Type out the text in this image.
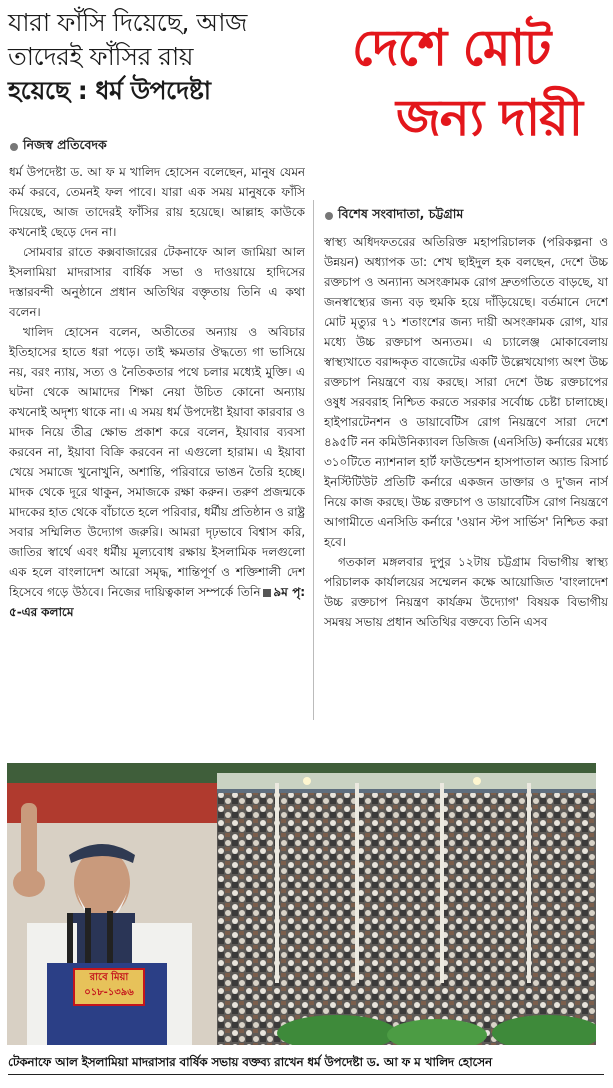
যারা ফাঁসি দিয়েছে, আজ
তাদেরই ফাঁসির রায়
হয়েছে : ধর্ম উপদেষ্টা
নিজস্ব প্রতিবেদক

ধর্ম উপদেষ্টা ড. আ ফ ম খালিদ হোসেন বলেছেন, মানুষ যেমন কর্ম করবে, তেমনই ফল পাবে। যারা এক সময় মানুষকে ফাঁসি দিয়েছে, আজ তাদেরই ফাঁসির রায় হয়েছে। আল্লাহ কাউকে কখনোই ছেড়ে দেন না।

সোমবার রাতে কক্সবাজারের টেকনাফে আল জামিয়া আল ইসলামিয়া মাদরাসার বার্ষিক সভা ও দাওয়ায়ে হাদিসের দস্তারবন্দী অনুষ্ঠানে প্রধান অতিথির বক্তৃতায় তিনি এ কথা বলেন।

খালিদ হোসেন বলেন, অতীতের অন্যায় ও অবিচার ইতিহাসের হাতে ধরা পড়ে। তাই ক্ষমতার ঔদ্ধত্যে গা ভাসিয়ে নয়, বরং ন্যায়, সত্য ও নৈতিকতার পথে চলার মধ্যেই মুক্তি। এ ঘটনা থেকে আমাদের শিক্ষা নেয়া উচিত কোনো অন্যায় কখনোই অদৃশ্য থাকে না। এ সময় ধর্ম উপদেষ্টা ইয়াবা কারবার ও মাদক নিয়ে তীব্র ক্ষোভ প্রকাশ করে বলেন, ইয়াবার ব্যবসা করবেন না, ইয়াবা বিক্রি করবেন না এগুলো হারাম। এ ইয়াবা খেয়ে সমাজে খুনোখুনি, অশান্তি, পরিবারে ভাঙন তৈরি হচ্ছে। মাদক থেকে দূরে থাকুন, সমাজকে রক্ষা করুন। তরুণ প্রজন্মকে মাদকের হাত থেকে বাঁচাতে হলে পরিবার, ধর্মীয় প্রতিষ্ঠান ও রাষ্ট্র সবার সম্মিলিত উদ্যোগ জরুরি। আমরা দৃঢ়ভাবে বিশ্বাস করি, জাতির স্বার্থে এবং ধর্মীয় মূল্যবোধ রক্ষায় ইসলামিক দলগুলো এক হলে বাংলাদেশ আরো সমৃদ্ধ, শান্তিপূর্ণ ও শক্তিশালী দেশ হিসেবে গড়ে উঠবে। নিজের দায়িত্বকাল সম্পর্কে তিনি ৯ম পৃ: ৫-এর কলামে

দেশে মোট
জন্য দায়ী
বিশেষ সংবাদাতা, চট্টগ্রাম

স্বাস্থ্য অধিদফতরের অতিরিক্ত মহাপরিচালক (পরিকল্পনা ও উন্নয়ন) অধ্যাপক ডা: শেখ ছাইদুল হক বলছেন, দেশে উচ্চ রক্তচাপ ও অন্যান্য অসংক্রামক রোগ দ্রুতগতিতে বাড়ছে, যা জনস্বাস্থ্যের জন্য বড় হুমকি হয়ে দাঁড়িয়েছে। বর্তমানে দেশে মোট মৃত্যুর ৭১ শতাংশের জন্য দায়ী অসংক্রামক রোগ, যার মধ্যে উচ্চ রক্তচাপ অন্যতম। এ চ্যালেঞ্জ মোকাবেলায় স্বাস্থ্যখাতে বরাদ্দকৃত বাজেটের একটি উল্লেখযোগ্য অংশ উচ্চ রক্তচাপ নিয়ন্ত্রণে ব্যয় করছে। সারা দেশে উচ্চ রক্তচাপের ওষুধ সরবরাহ নিশ্চিত করতে সরকার সর্বোচ্চ চেষ্টা চালাচ্ছে। হাইপারটেনশন ও ডায়াবেটিস রোগ নিয়ন্ত্রণে সারা দেশে ৪৯৫টি নন কমিউনিক্যাবল ডিজিজ (এনসিডি) কর্নারের মধ্যে ৩১০টিতে ন্যাশনাল হার্ট ফাউন্ডেশন হাসপাতাল অ্যান্ড রিসার্চ ইনস্টিটিউট প্রতিটি কর্নারে একজন ডাক্তার ও দু'জন নার্স নিয়ে কাজ করছে। উচ্চ রক্তচাপ ও ডায়াবেটিস রোগ নিয়ন্ত্রণে আগামীতে এনসিডি কর্নারে 'ওয়ান স্টপ সার্ভিস' নিশ্চিত করা হবে।

গতকাল মঙ্গলবার দুপুর ১২টায় চট্টগ্রাম বিভাগীয় স্বাস্থ্য পরিচালক কার্যালয়ের সম্মেলন কক্ষে আয়োজিত 'বাংলাদেশ উচ্চ রক্তচাপ নিয়ন্ত্রণ কার্যক্রম উদ্যোগ' বিষয়ক বিভাগীয় সমন্বয় সভায় প্রধান অতিথির বক্তব্যে তিনি এসব

রাবে মিয়া
০১৮-১৩৯৬
টেকনাফে আল ইসলামিয়া মাদরাসার বার্ষিক সভায় বক্তব্য রাখেন ধর্ম উপদেষ্টা ড. আ ফ ম খালিদ হোসেন
